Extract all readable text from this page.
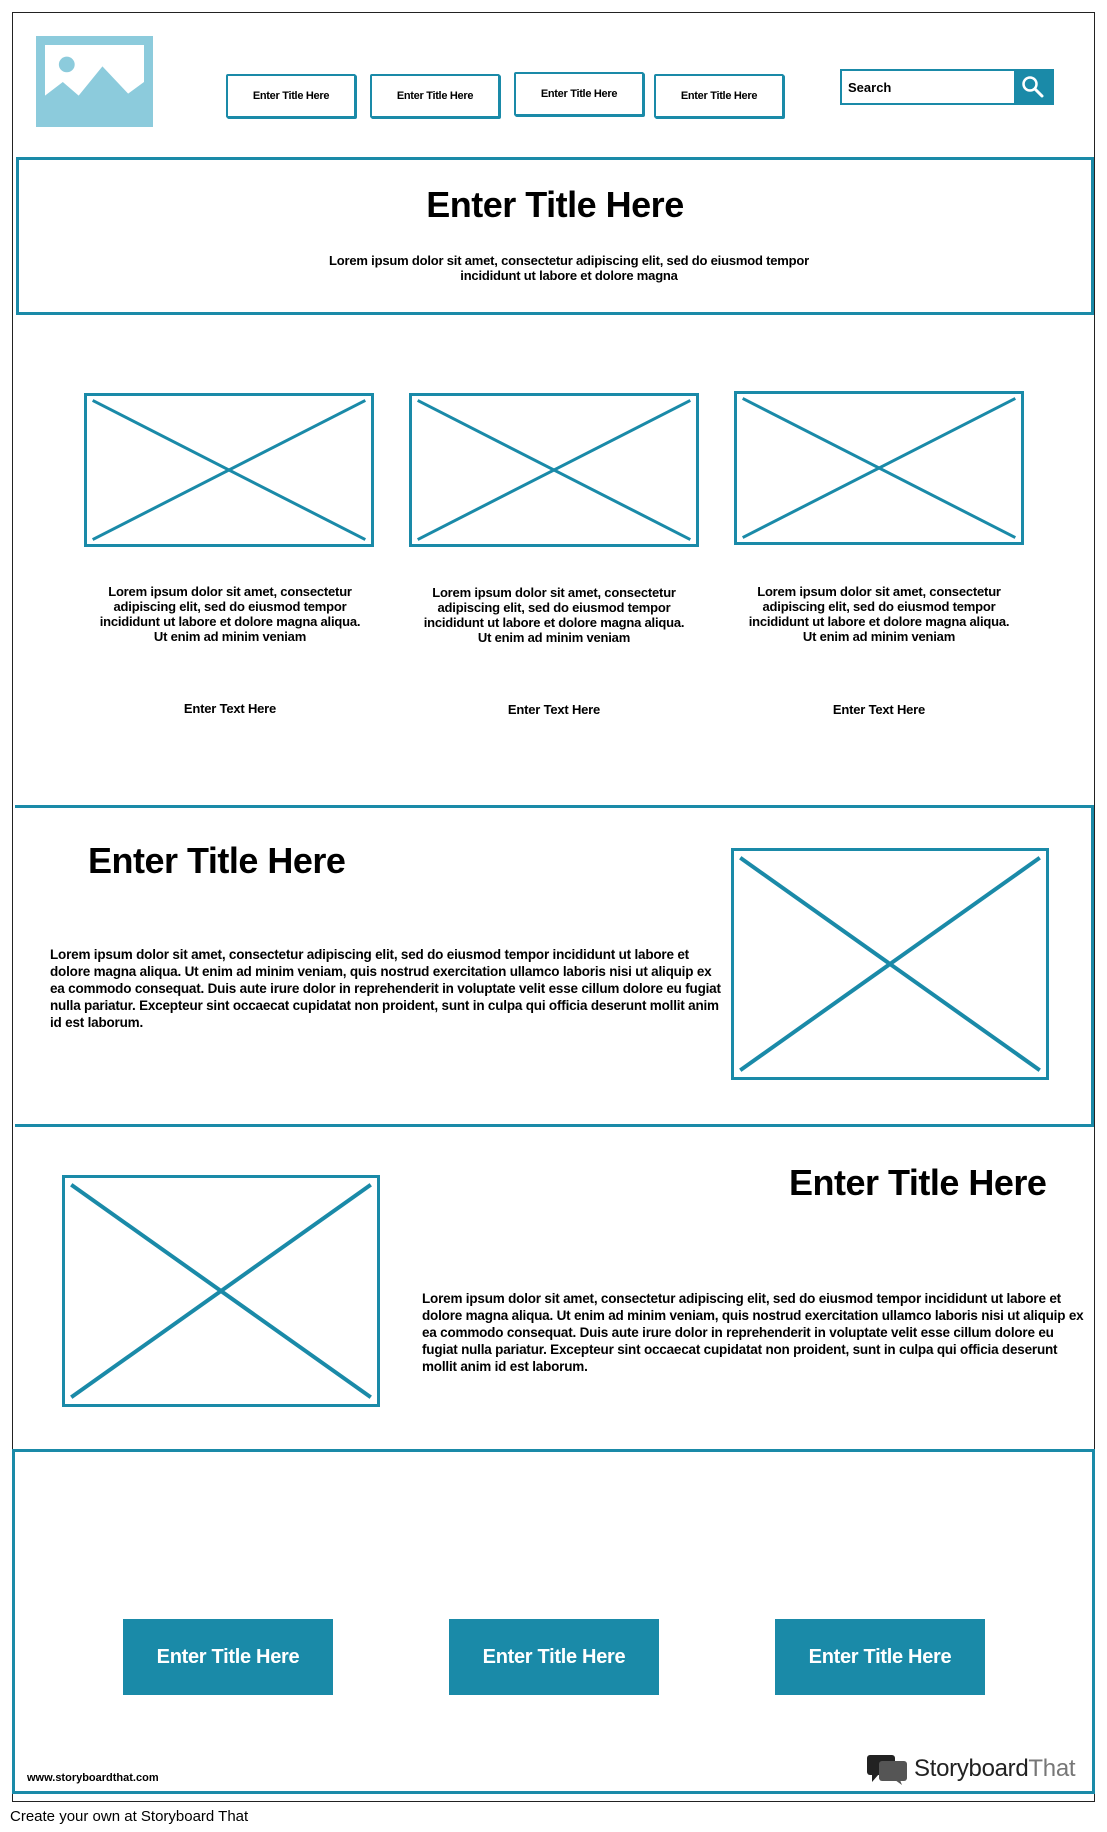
Enter Title Here	Enter Title Here	Enter Title Here	Enter Title Here
Search
Enter Title Here
Lorem ipsum dolor sit amet, consectetur adipiscing elit, sed do eiusmod tempor incididunt ut labore et dolore magna
Lorem ipsum dolor sit amet, consectetur adipiscing elit, sed do eiusmod tempor incididunt ut labore et dolore magna aliqua. Ut enim ad minim veniam
Lorem ipsum dolor sit amet, consectetur adipiscing elit, sed do eiusmod tempor incididunt ut labore et dolore magna aliqua. Ut enim ad minim veniam
Lorem ipsum dolor sit amet, consectetur adipiscing elit, sed do eiusmod tempor incididunt ut labore et dolore magna aliqua. Ut enim ad minim veniam
Enter Text Here	Enter Text Here	Enter Text Here
Enter Title Here
Lorem ipsum dolor sit amet, consectetur adipiscing elit, sed do eiusmod tempor incididunt ut labore et dolore magna aliqua. Ut enim ad minim veniam, quis nostrud exercitation ullamco laboris nisi ut aliquip ex ea commodo consequat. Duis aute irure dolor in reprehenderit in voluptate velit esse cillum dolore eu fugiat nulla pariatur. Excepteur sint occaecat cupidatat non proident, sunt in culpa qui officia deserunt mollit anim id est laborum.
Enter Title Here
Lorem ipsum dolor sit amet, consectetur adipiscing elit, sed do eiusmod tempor incididunt ut labore et dolore magna aliqua. Ut enim ad minim veniam, quis nostrud exercitation ullamco laboris nisi ut aliquip ex ea commodo consequat. Duis aute irure dolor in reprehenderit in voluptate velit esse cillum dolore eu fugiat nulla pariatur. Excepteur sint occaecat cupidatat non proident, sunt in culpa qui officia deserunt mollit anim id est laborum.
Enter Title Here	Enter Title Here	Enter Title Here
www.storyboardthat.com	StoryboardThat
Create your own at Storyboard That
